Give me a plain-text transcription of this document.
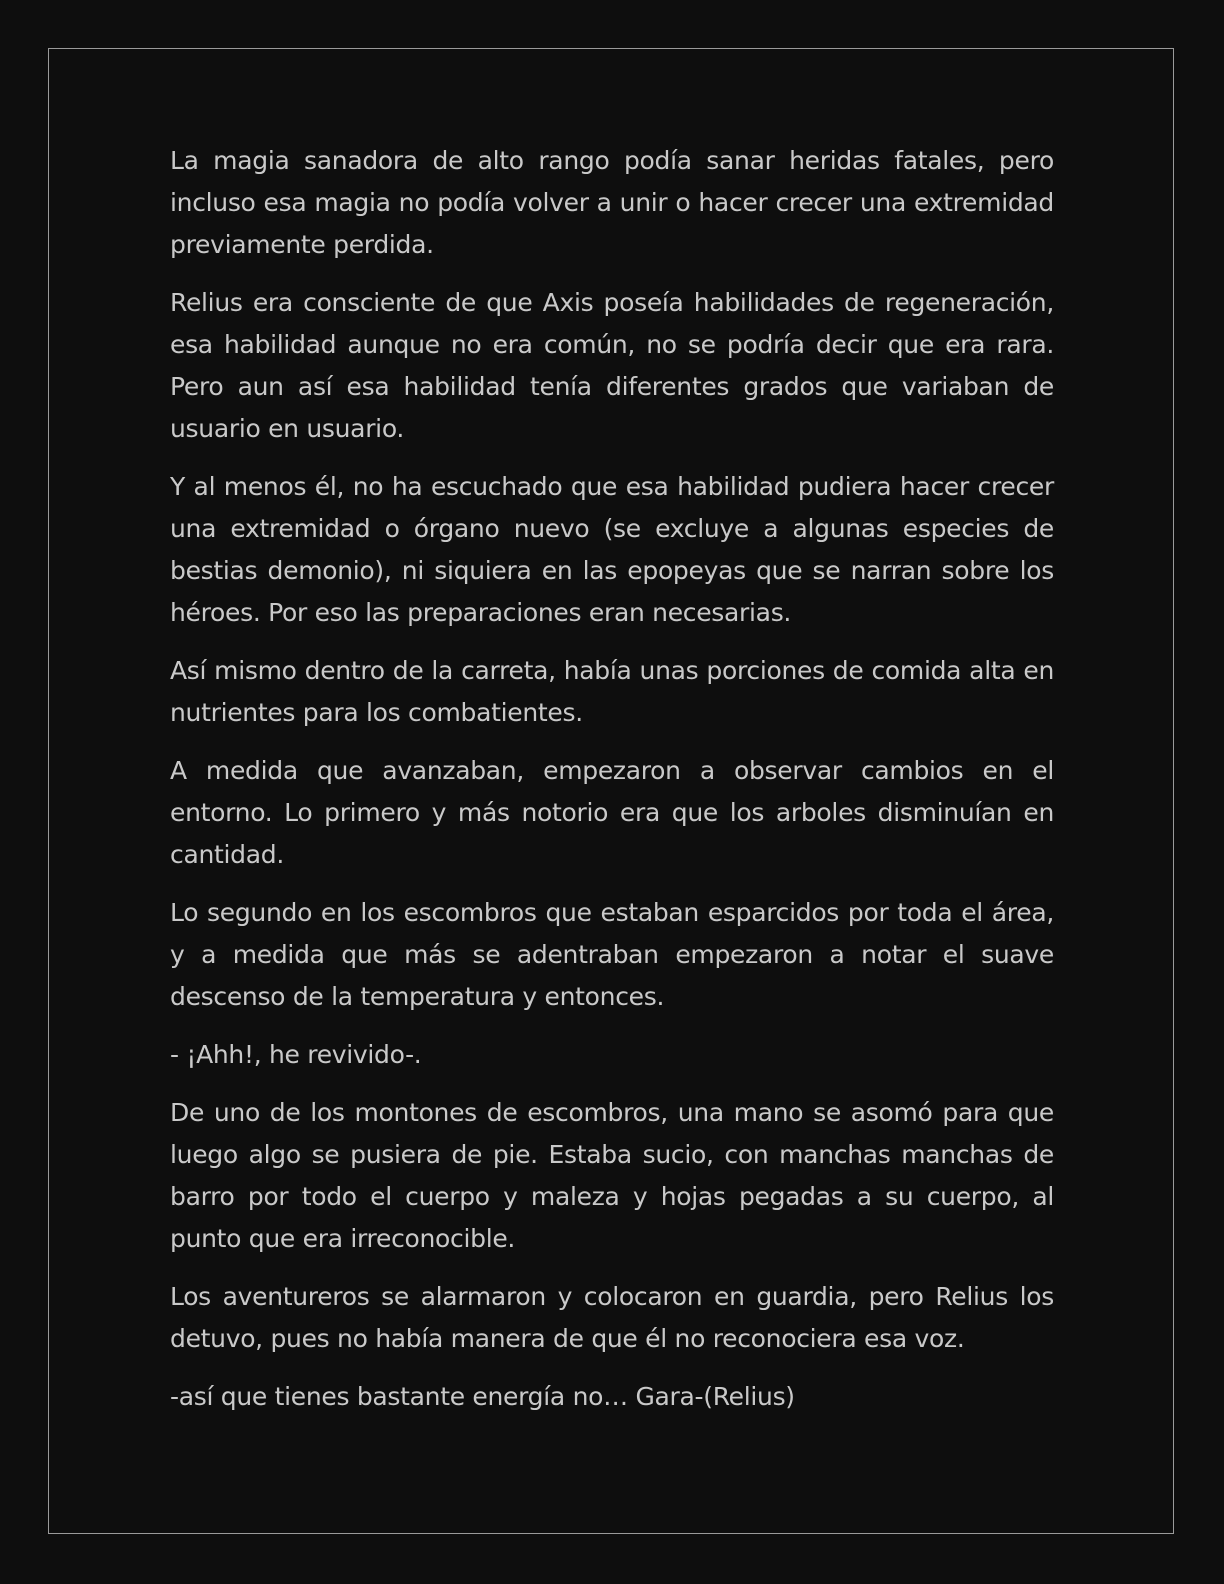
La magia sanadora de alto rango podía sanar heridas fatales, pero incluso esa magia no podía volver a unir o hacer crecer una extremidad previamente perdida.

Relius era consciente de que Axis poseía habilidades de regeneración, esa habilidad aunque no era común, no se podría decir que era rara. Pero aun así esa habilidad tenía diferentes grados que variaban de usuario en usuario.

Y al menos él, no ha escuchado que esa habilidad pudiera hacer crecer una extremidad o órgano nuevo (se excluye a algunas especies de bestias demonio), ni siquiera en las epopeyas que se narran sobre los héroes. Por eso las preparaciones eran necesarias.

Así mismo dentro de la carreta, había unas porciones de comida alta en nutrientes para los combatientes.

A medida que avanzaban, empezaron a observar cambios en el entorno. Lo primero y más notorio era que los arboles disminuían en cantidad.

Lo segundo en los escombros que estaban esparcidos por toda el área, y a medida que más se adentraban empezaron a notar el suave descenso de la temperatura y entonces.

- ¡Ahh!, he revivido-.

De uno de los montones de escombros, una mano se asomó para que luego algo se pusiera de pie. Estaba sucio, con manchas manchas de barro por todo el cuerpo y maleza y hojas pegadas a su cuerpo, al punto que era irreconocible.

Los aventureros se alarmaron y colocaron en guardia, pero Relius los detuvo, pues no había manera de que él no reconociera esa voz.

-así que tienes bastante energía no… Gara-(Relius)
